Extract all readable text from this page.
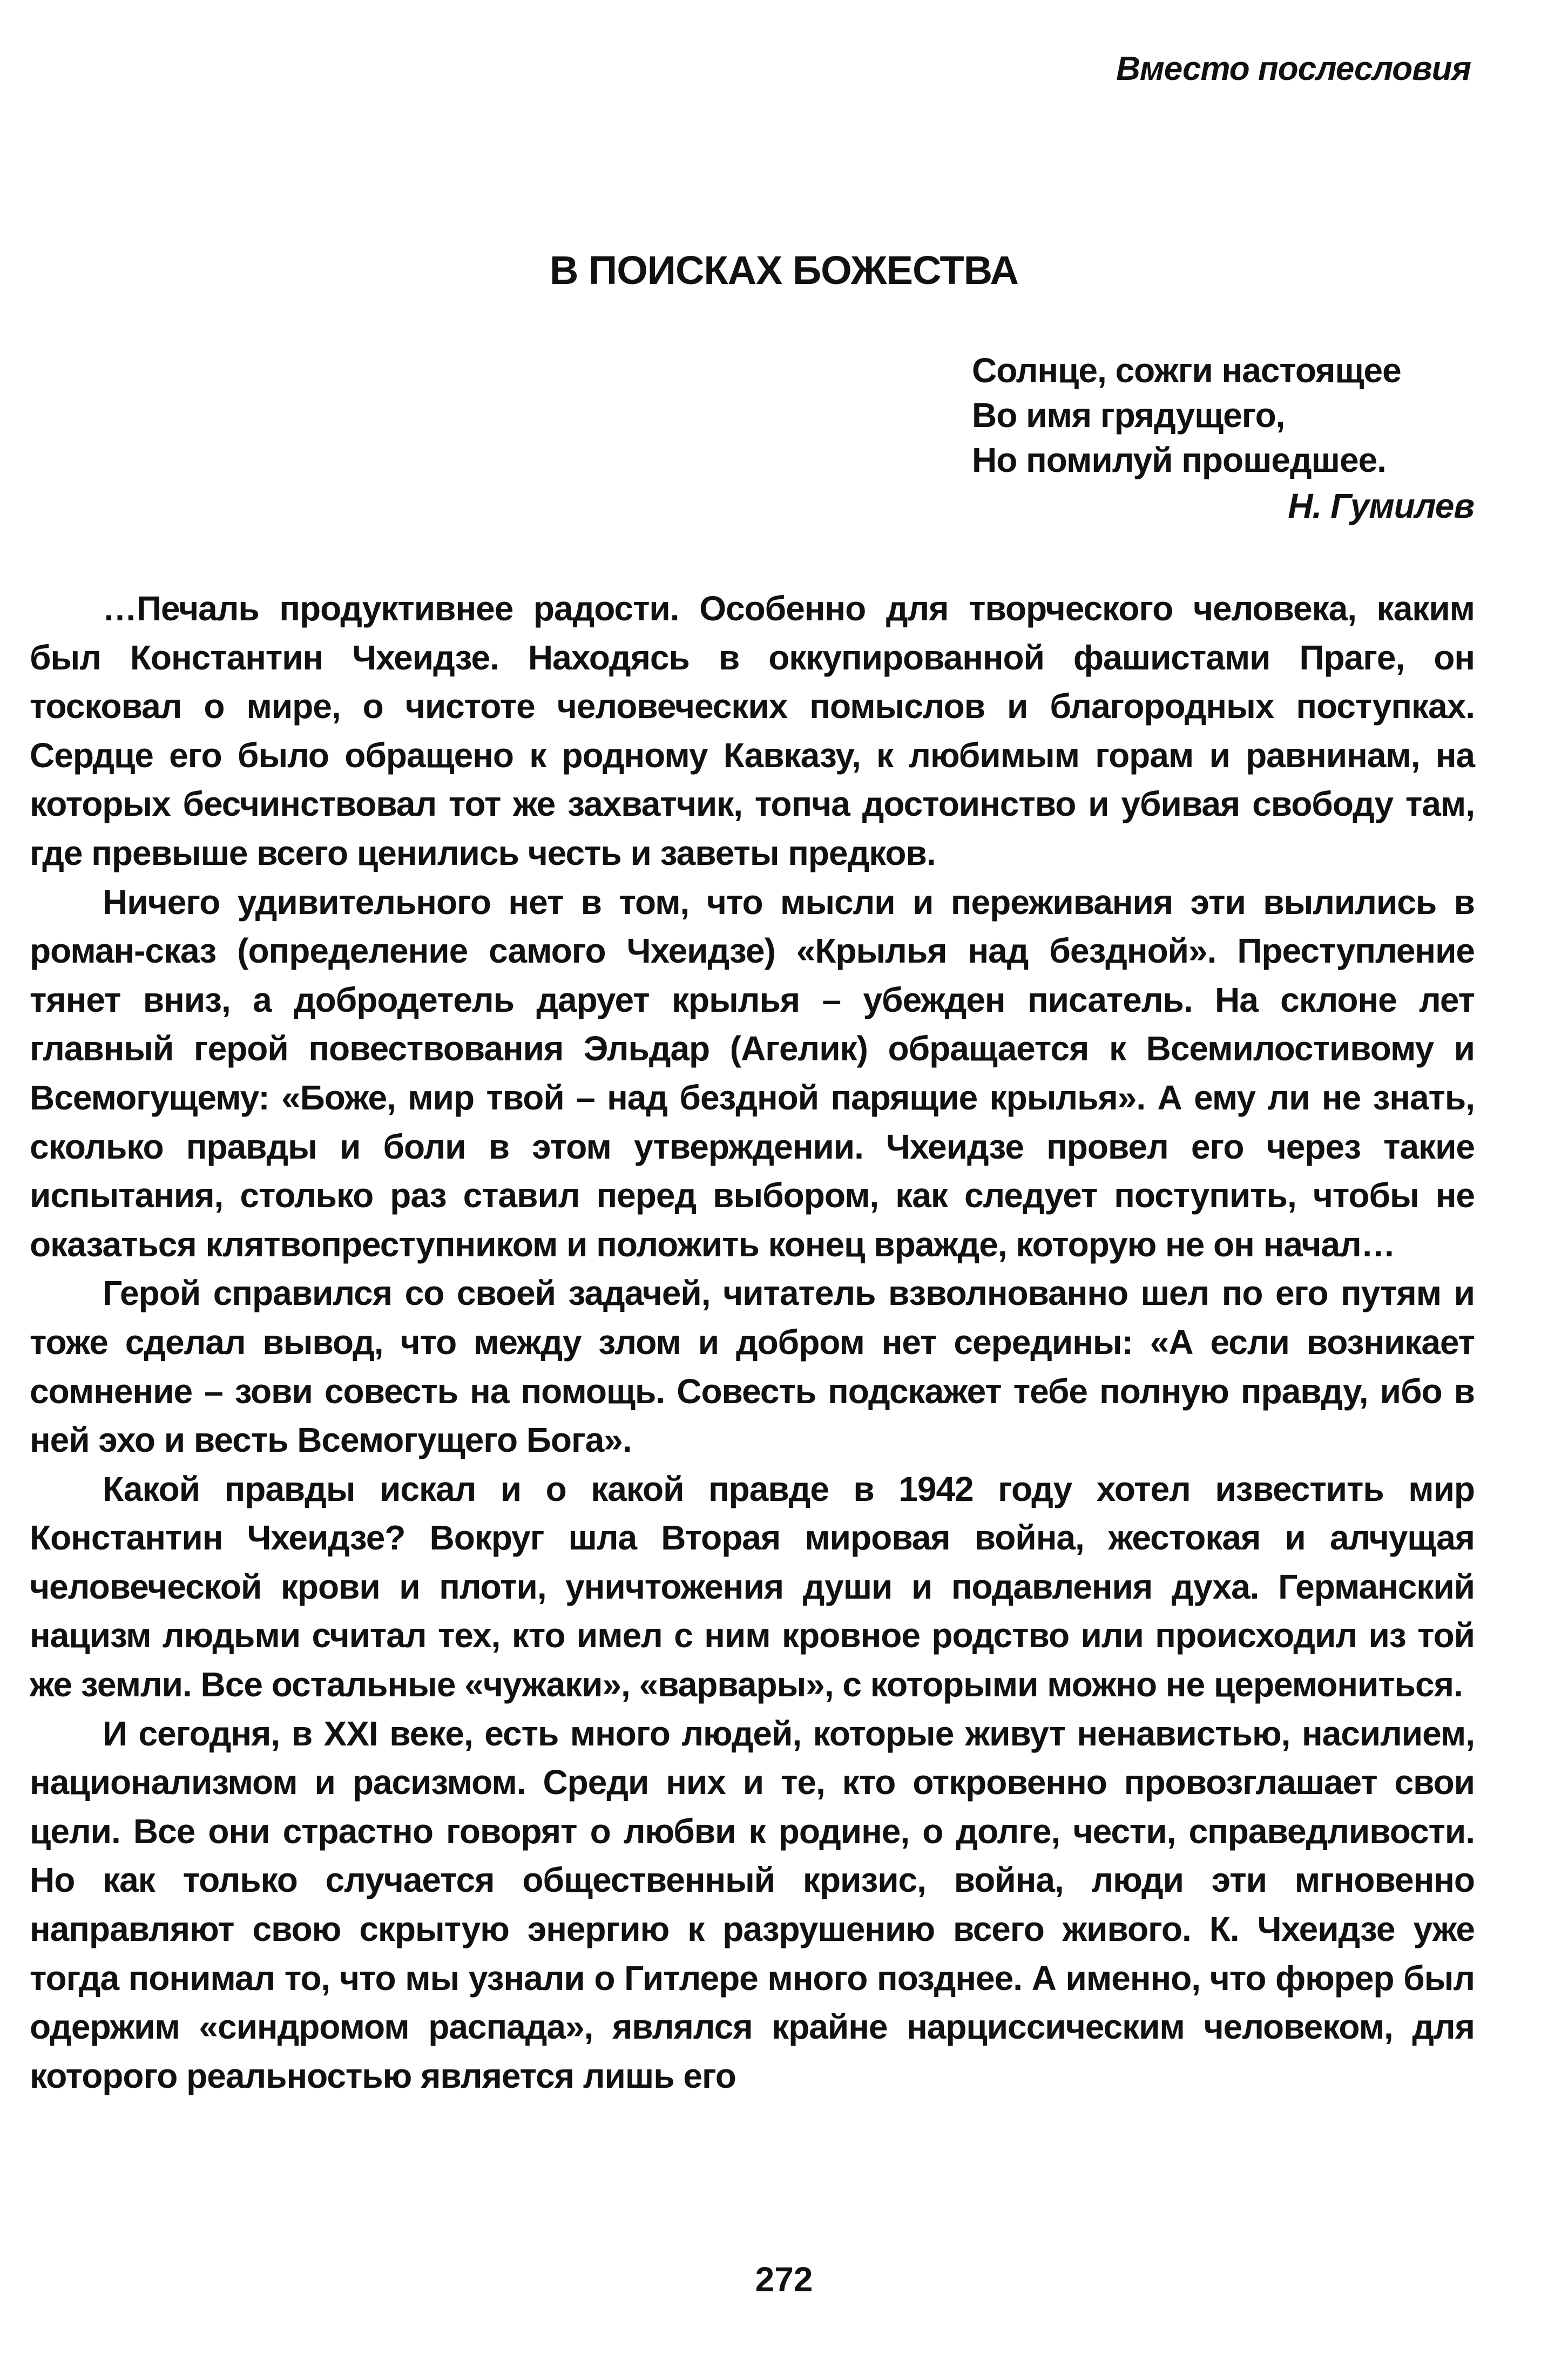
Вместо послесловия
В ПОИСКАХ БОЖЕСТВА
Солнце, сожги настоящее
Во имя грядущего,
Но помилуй прошедшее.
Н. Гумилев

…Печаль продуктивнее радости. Особенно для творческого человека, каким был Константин Чхеидзе. Находясь в оккупированной фашистами Праге, он тосковал о мире, о чистоте человеческих помыслов и благородных поступках. Сердце его было обращено к родному Кавказу, к любимым горам и равнинам, на которых бесчинствовал тот же захватчик, топча достоинство и убивая свободу там, где превыше всего ценились честь и заветы предков.

Ничего удивительного нет в том, что мысли и переживания эти вылились в роман-сказ (определение самого Чхеидзе) «Крылья над бездной». Преступление тянет вниз, а добродетель дарует крылья – убежден писатель. На склоне лет главный герой повествования Эльдар (Агелик) обращается к Всемилостивому и Всемогущему: «Боже, мир твой – над бездной парящие крылья». А ему ли не знать, сколько правды и боли в этом утверждении. Чхеидзе провел его через такие испытания, столько раз ставил перед выбором, как следует поступить, чтобы не оказаться клятвопреступником и положить конец вражде, которую не он начал…

Герой справился со своей задачей, читатель взволнованно шел по его путям и тоже сделал вывод, что между злом и добром нет середины: «А если возникает сомнение – зови совесть на помощь. Совесть подскажет тебе полную правду, ибо в ней эхо и весть Всемогущего Бога».

Какой правды искал и о какой правде в 1942 году хотел известить мир Константин Чхеидзе? Вокруг шла Вторая мировая война, жестокая и алчущая человеческой крови и плоти, уничтожения души и подавления духа. Германский нацизм людьми считал тех, кто имел с ним кровное родство или происходил из той же земли. Все остальные «чужаки», «варвары», с которыми можно не церемониться.

И сегодня, в XXI веке, есть много людей, которые живут ненавистью, насилием, национализмом и расизмом. Среди них и те, кто откровенно провозглашает свои цели. Все они страстно говорят о любви к родине, о долге, чести, справедливости. Но как только случается общественный кризис, война, люди эти мгновенно направляют свою скрытую энергию к разрушению всего живого. К. Чхеидзе уже тогда понимал то, что мы узнали о Гитлере много позднее. А именно, что фюрер был одержим «синдромом распада», являлся крайне нарциссическим человеком, для которого реальностью является лишь его

272
